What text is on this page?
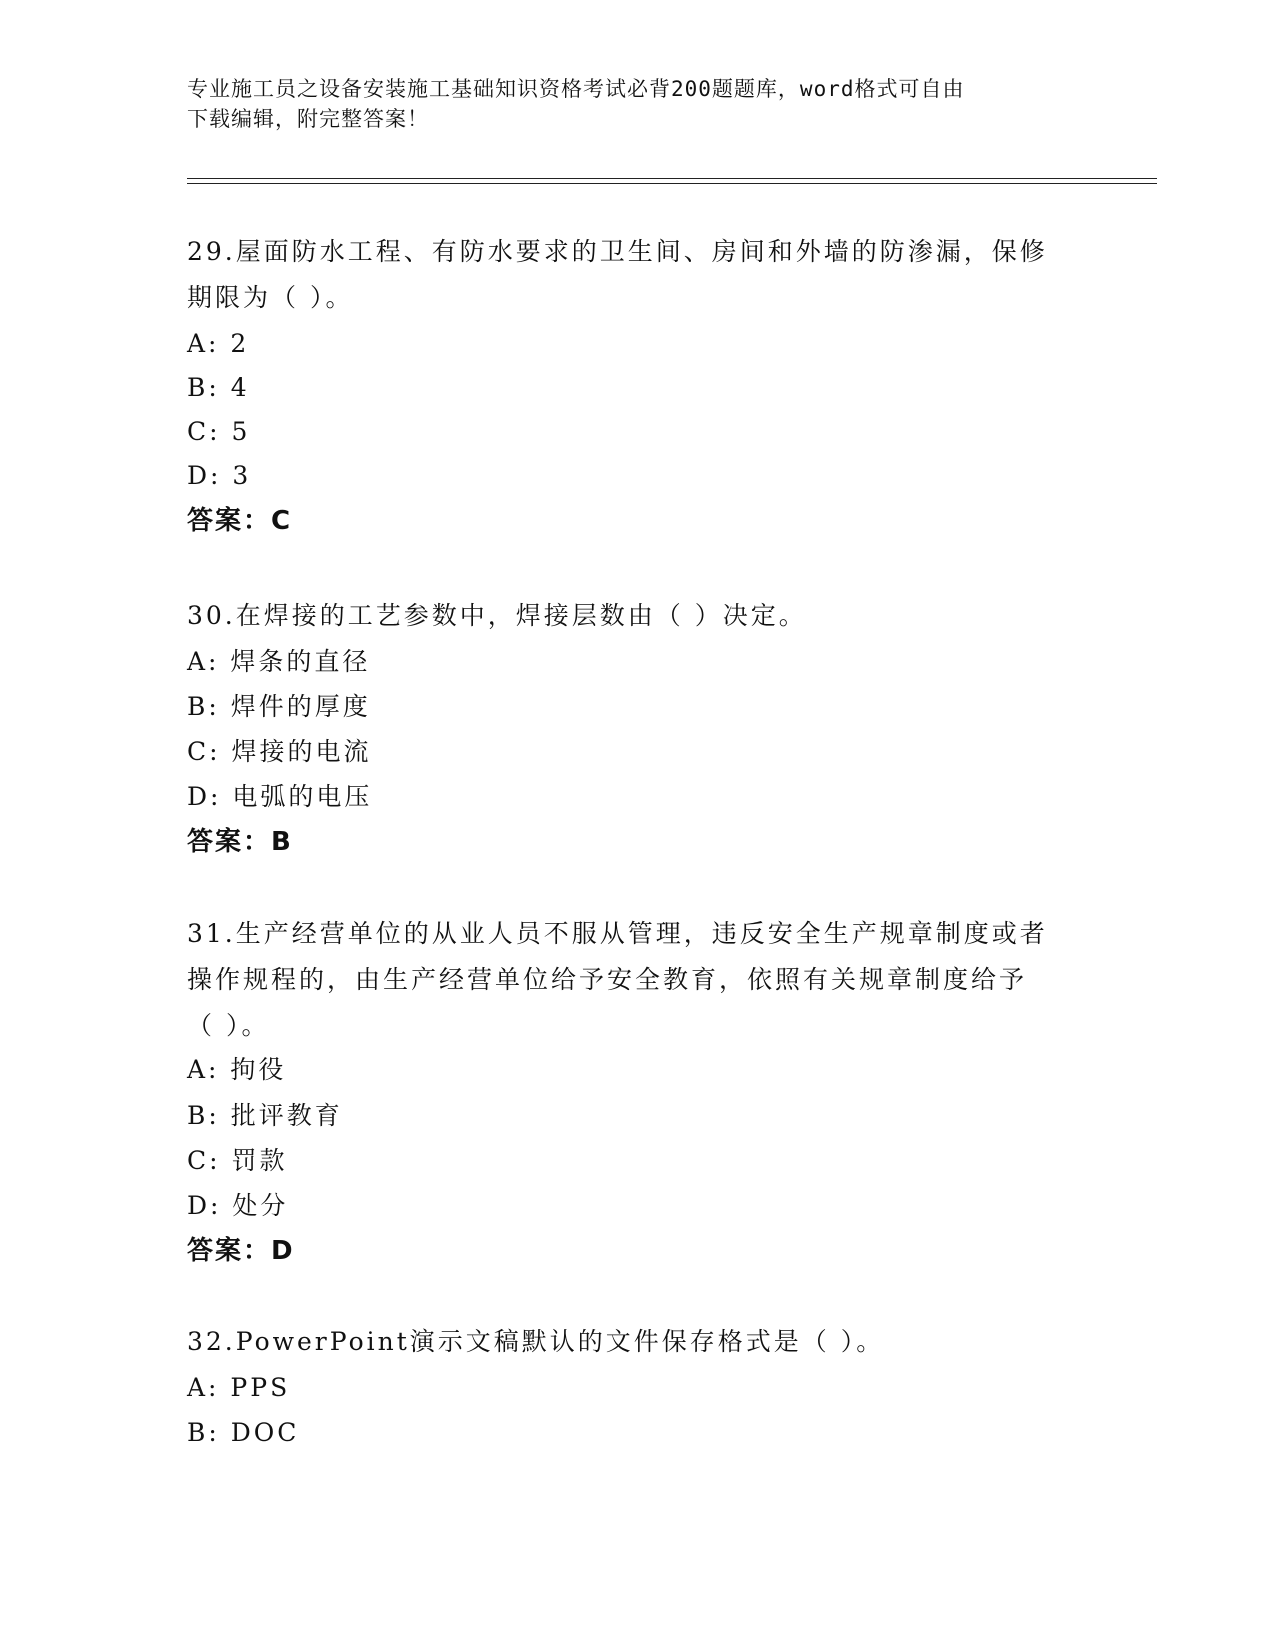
专业施工员之设备安装施工基础知识资格考试必背200题题库，word格式可自由
下载编辑，附完整答案！
29.屋面防水工程、有防水要求的卫生间、房间和外墙的防渗漏，保修
期限为（ ）。
A: 2
B: 4
C: 5
D: 3
答案：C
30.在焊接的工艺参数中，焊接层数由（ ）决定。
A: 焊条的直径
B: 焊件的厚度
C: 焊接的电流
D: 电弧的电压
答案：B
31.生产经营单位的从业人员不服从管理，违反安全生产规章制度或者
操作规程的，由生产经营单位给予安全教育，依照有关规章制度给予
（ ）。
A: 拘役
B: 批评教育
C: 罚款
D: 处分
答案：D
32.PowerPoint演示文稿默认的文件保存格式是（ ）。
A: PPS
B: DOC
